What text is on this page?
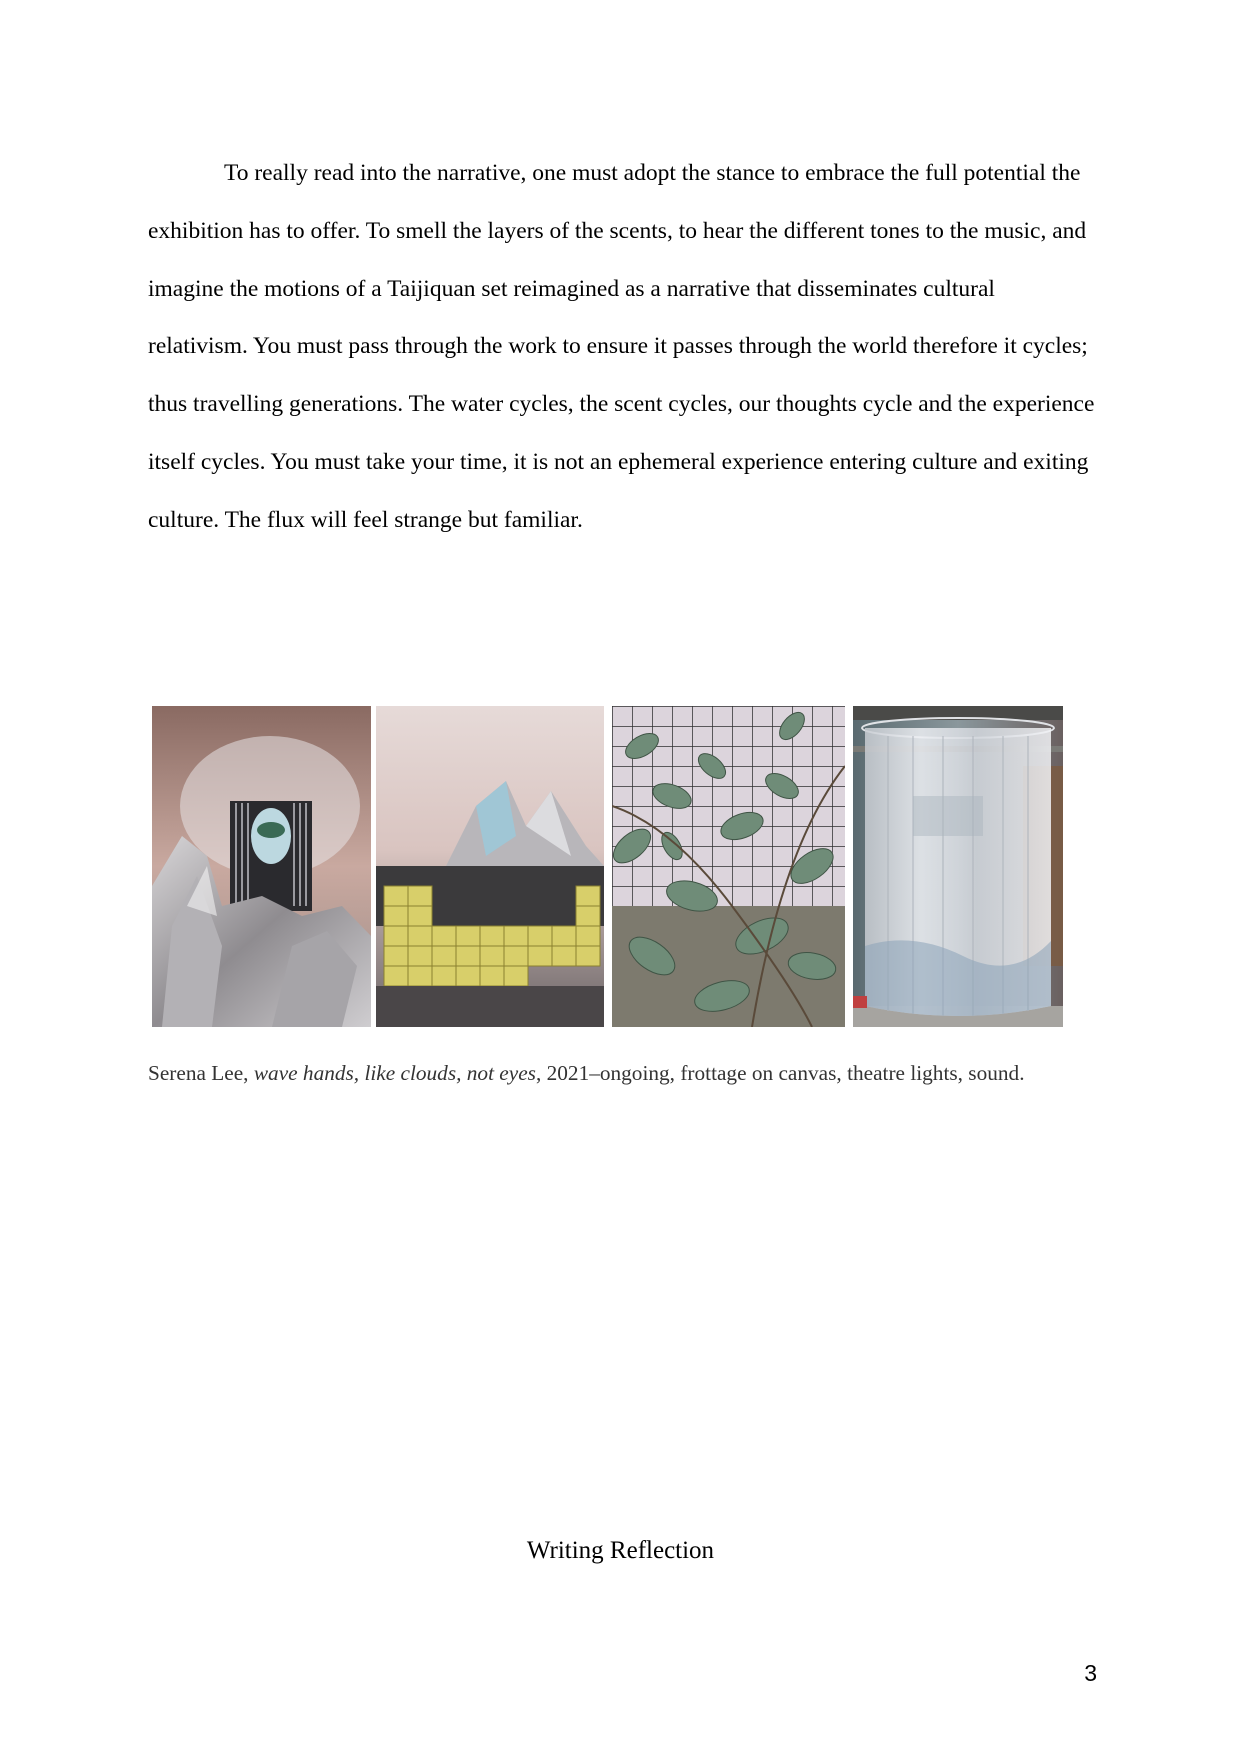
To really read into the narrative, one must adopt the stance to embrace the full potential the exhibition has to offer. To smell the layers of the scents, to hear the different tones to the music, and imagine the motions of a Taijiquan set reimagined as a narrative that disseminates cultural relativism. You must pass through the work to ensure it passes through the world therefore it cycles; thus travelling generations. The water cycles, the scent cycles, our thoughts cycle and the experience itself cycles. You must take your time, it is not an ephemeral experience entering culture and exiting culture. The flux will feel strange but familiar.

Serena Lee, wave hands, like clouds, not eyes, 2021–ongoing, frottage on canvas, theatre lights, sound.
Writing Reflection
3
